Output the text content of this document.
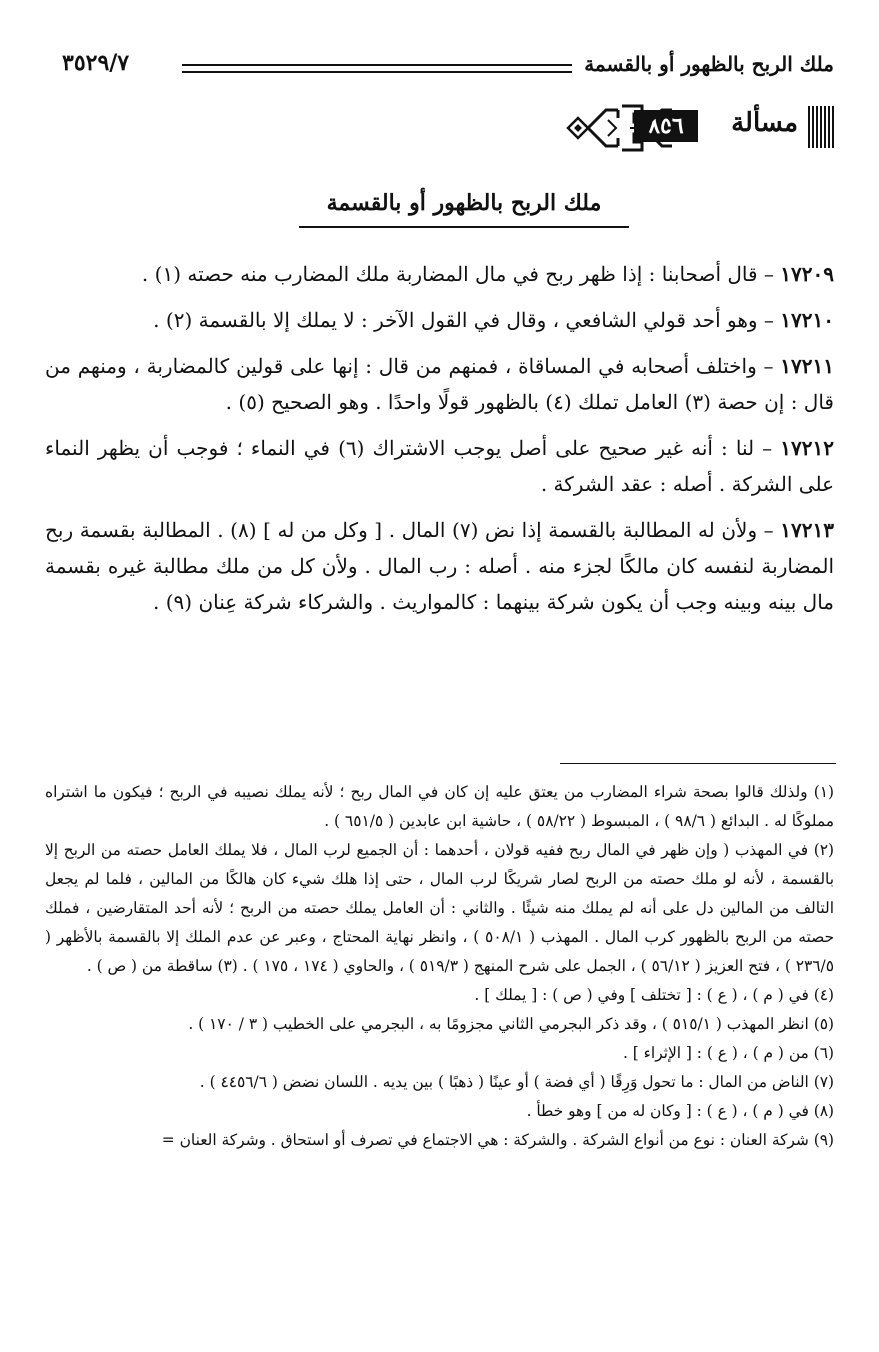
ملك الربح بالظهور أو بالقسمة
٣٥٢٩/٧
مسألة
٨٥٦
ملك الربح بالظهور أو بالقسمة

١٧٢٠٩ – قال أصحابنا : إذا ظهر ربح في مال المضاربة ملك المضارب منه حصته (١) .

١٧٢١٠ – وهو أحد قولي الشافعي ، وقال في القول الآخر : لا يملك إلا بالقسمة (٢) .

١٧٢١١ – واختلف أصحابه في المساقاة ، فمنهم من قال : إنها على قولين كالمضاربة ، ومنهم من قال : إن حصة (٣) العامل تملك (٤) بالظهور قولًا واحدًا . وهو الصحيح (٥) .

١٧٢١٢ – لنا : أنه غير صحيح على أصل يوجب الاشتراك (٦) في النماء ؛ فوجب أن يظهر النماء على الشركة . أصله : عقد الشركة .

١٧٢١٣ – ولأن له المطالبة بالقسمة إذا نض (٧) المال . [ وكل من له ] (٨) . المطالبة بقسمة ربح المضاربة لنفسه كان مالكًا لجزء منه . أصله : رب المال . ولأن كل من ملك مطالبة غيره بقسمة مال بينه وبينه وجب أن يكون شركة بينهما : كالمواريث . والشركاء شركة عِنان (٩) .

(١) ولذلك قالوا بصحة شراء المضارب من يعتق عليه إن كان في المال ربح ؛ لأنه يملك نصيبه في الربح ؛ فيكون ما اشتراه مملوكًا له . البدائع ( ٩٨/٦ ) ، المبسوط ( ٥٨/٢٢ ) ، حاشية ابن عابدين ( ٦٥١/٥ ) .

(٢) في المهذب ( وإن ظهر في المال ربح ففيه قولان ، أحدهما : أن الجميع لرب المال ، فلا يملك العامل حصته من الربح إلا بالقسمة ، لأنه لو ملك حصته من الربح لصار شريكًا لرب المال ، حتى إذا هلك شيء كان هالكًا من المالين ، فلما لم يجعل التالف من المالين دل على أنه لم يملك منه شيئًا . والثاني : أن العامل يملك حصته من الربح ؛ لأنه أحد المتقارضين ، فملك حصته من الربح بالظهور كرب المال . المهذب ( ٥٠٨/١ ) ، وانظر نهاية المحتاج ، وعبر عن عدم الملك إلا بالقسمة بالأظهر ( ٢٣٦/٥ ) ، فتح العزيز ( ٥٦/١٢ ) ، الجمل على شرح المنهج ( ٥١٩/٣ ) ، والحاوي ( ١٧٤ ، ١٧٥ ) . (٣) ساقطة من ( ص ) .

(٤) في ( م ) ، ( ع ) : [ تختلف ] وفي ( ص ) : [ يملك ] .

(٥) انظر المهذب ( ٥١٥/١ ) ، وقد ذكر البجرمي الثاني مجزومًا به ، البجرمي على الخطيب ( ٣ / ١٧٠ ) .

(٦) من ( م ) ، ( ع ) : [ الإثراء ] .

(٧) الناض من المال : ما تحول وَرِقًا ( أي فضة ) أو عينًا ( ذهبًا ) بين يديه . اللسان نضض ( ٤٤٥٦/٦ ) .

(٨) في ( م ) ، ( ع ) : [ وكان له من ] وهو خطأ .

(٩) شركة العنان : نوع من أنواع الشركة . والشركة : هي الاجتماع في تصرف أو استحاق . وشركة العنان =
